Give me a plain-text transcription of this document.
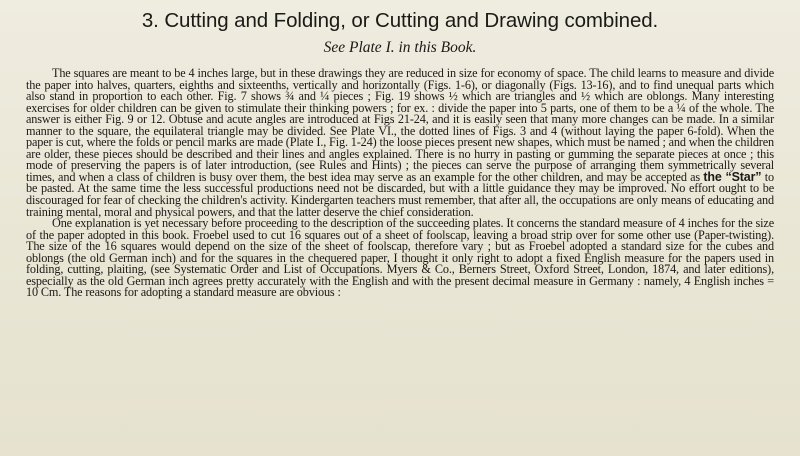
3. Cutting and Folding, or Cutting and Drawing combined.
See Plate I. in this Book.

The squares are meant to be 4 inches large, but in these drawings they are reduced in size for economy of space. The child learns to measure and divide the paper into halves, quarters, eighths and sixteenths, vertically and horizontally (Figs. 1-6), or diagonally (Figs. 13-16), and to find unequal parts which also stand in proportion to each other. Fig. 7 shows ¾ and ¼ pieces ; Fig. 19 shows ½ which are triangles and ½ which are oblongs. Many interesting exercises for older children can be given to stimulate their thinking powers ; for ex. : divide the paper into 5 parts, one of them to be a ¼ of the whole. The answer is either Fig. 9 or 12. Obtuse and acute angles are introduced at Figs 21-24, and it is easily seen that many more changes can be made. In a similar manner to the square, the equilateral triangle may be divided. See Plate VI., the dotted lines of Figs. 3 and 4 (without laying the paper 6-fold). When the paper is cut, where the folds or pencil marks are made (Plate I., Fig. 1-24) the loose pieces present new shapes, which must be named ; and when the children are older, these pieces should be described and their lines and angles explained. There is no hurry in pasting or gumming the separate pieces at once ; this mode of preserving the papers is of later introduction, (see Rules and Hints) ; the pieces can serve the purpose of arranging them symmetrically several times, and when a class of children is busy over them, the best idea may serve as an example for the other children, and may be accepted as the “Star” to be pasted. At the same time the less successful productions need not be discarded, but with a little guidance they may be improved. No effort ought to be discouraged for fear of checking the children's activity. Kindergarten teachers must remember, that after all, the occupations are only means of educating and training mental, moral and physical powers, and that the latter deserve the chief consideration.

One explanation is yet necessary before proceeding to the description of the succeeding plates. It concerns the standard measure of 4 inches for the size of the paper adopted in this book. Froebel used to cut 16 squares out of a sheet of foolscap, leaving a broad strip over for some other use (Paper-twisting). The size of the 16 squares would depend on the size of the sheet of foolscap, therefore vary ; but as Froebel adopted a standard size for the cubes and oblongs (the old German inch) and for the squares in the chequered paper, I thought it only right to adopt a fixed English measure for the papers used in folding, cutting, plaiting, (see Systematic Order and List of Occupations. Myers & Co., Berners Street, Oxford Street, London, 1874, and later editions), especially as the old German inch agrees pretty accurately with the English and with the present decimal measure in Germany : namely, 4 English inches = 10 Cm. The reasons for adopting a standard measure are obvious :
